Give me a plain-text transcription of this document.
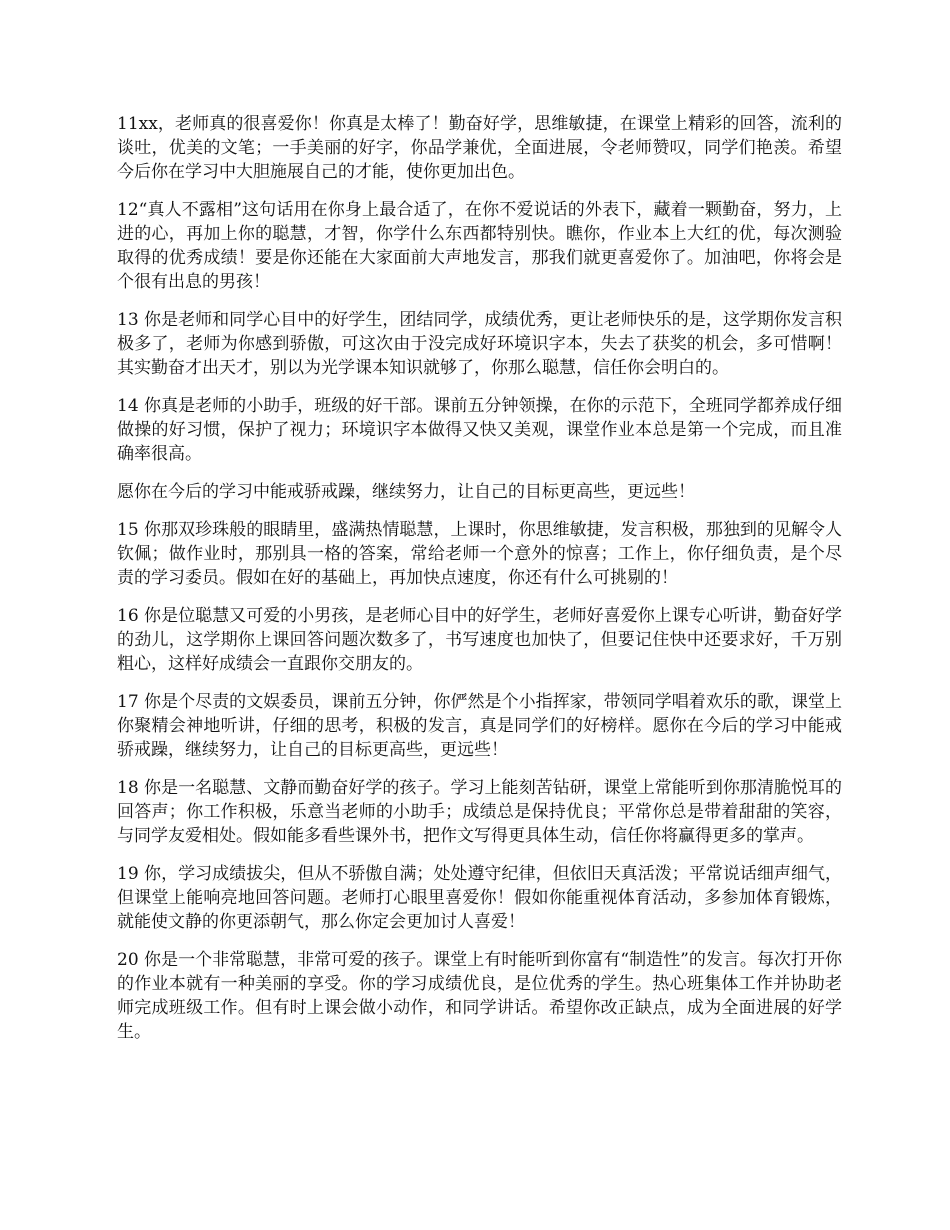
11xx，老师真的很喜爱你！你真是太棒了！勤奋好学，思维敏捷，在课堂上精彩的回答，流利的谈吐，优美的文笔；一手美丽的好字，你品学兼优，全面进展，令老师赞叹，同学们艳羡。希望今后你在学习中大胆施展自己的才能，使你更加出色。

12“真人不露相”这句话用在你身上最合适了，在你不爱说话的外表下，藏着一颗勤奋，努力，上进的心，再加上你的聪慧，才智，你学什么东西都特别快。瞧你，作业本上大红的优，每次测验取得的优秀成绩！要是你还能在大家面前大声地发言，那我们就更喜爱你了。加油吧，你将会是个很有出息的男孩！

13 你是老师和同学心目中的好学生，团结同学，成绩优秀，更让老师快乐的是，这学期你发言积极多了，老师为你感到骄傲，可这次由于没完成好环境识字本，失去了获奖的机会，多可惜啊！其实勤奋才出天才，别以为光学课本知识就够了，你那么聪慧，信任你会明白的。

14 你真是老师的小助手，班级的好干部。课前五分钟领操，在你的示范下，全班同学都养成仔细做操的好习惯，保护了视力；环境识字本做得又快又美观，课堂作业本总是第一个完成，而且准确率很高。

愿你在今后的学习中能戒骄戒躁，继续努力，让自己的目标更高些，更远些！

15 你那双珍珠般的眼睛里，盛满热情聪慧，上课时，你思维敏捷，发言积极，那独到的见解令人钦佩；做作业时，那别具一格的答案，常给老师一个意外的惊喜；工作上，你仔细负责，是个尽责的学习委员。假如在好的基础上，再加快点速度，你还有什么可挑剔的！

16 你是位聪慧又可爱的小男孩，是老师心目中的好学生，老师好喜爱你上课专心听讲，勤奋好学的劲儿，这学期你上课回答问题次数多了，书写速度也加快了，但要记住快中还要求好，千万别粗心，这样好成绩会一直跟你交朋友的。

17 你是个尽责的文娱委员，课前五分钟，你俨然是个小指挥家，带领同学唱着欢乐的歌，课堂上你聚精会神地听讲，仔细的思考，积极的发言，真是同学们的好榜样。愿你在今后的学习中能戒骄戒躁，继续努力，让自己的目标更高些，更远些！

18 你是一名聪慧、文静而勤奋好学的孩子。学习上能刻苦钻研，课堂上常能听到你那清脆悦耳的回答声；你工作积极，乐意当老师的小助手；成绩总是保持优良；平常你总是带着甜甜的笑容，与同学友爱相处。假如能多看些课外书，把作文写得更具体生动，信任你将赢得更多的掌声。

19 你，学习成绩拔尖，但从不骄傲自满；处处遵守纪律，但依旧天真活泼；平常说话细声细气，但课堂上能响亮地回答问题。老师打心眼里喜爱你！假如你能重视体育活动，多参加体育锻炼，就能使文静的你更添朝气，那么你定会更加讨人喜爱！

20 你是一个非常聪慧，非常可爱的孩子。课堂上有时能听到你富有“制造性”的发言。每次打开你的作业本就有一种美丽的享受。你的学习成绩优良，是位优秀的学生。热心班集体工作并协助老师完成班级工作。但有时上课会做小动作，和同学讲话。希望你改正缺点，成为全面进展的好学生。
